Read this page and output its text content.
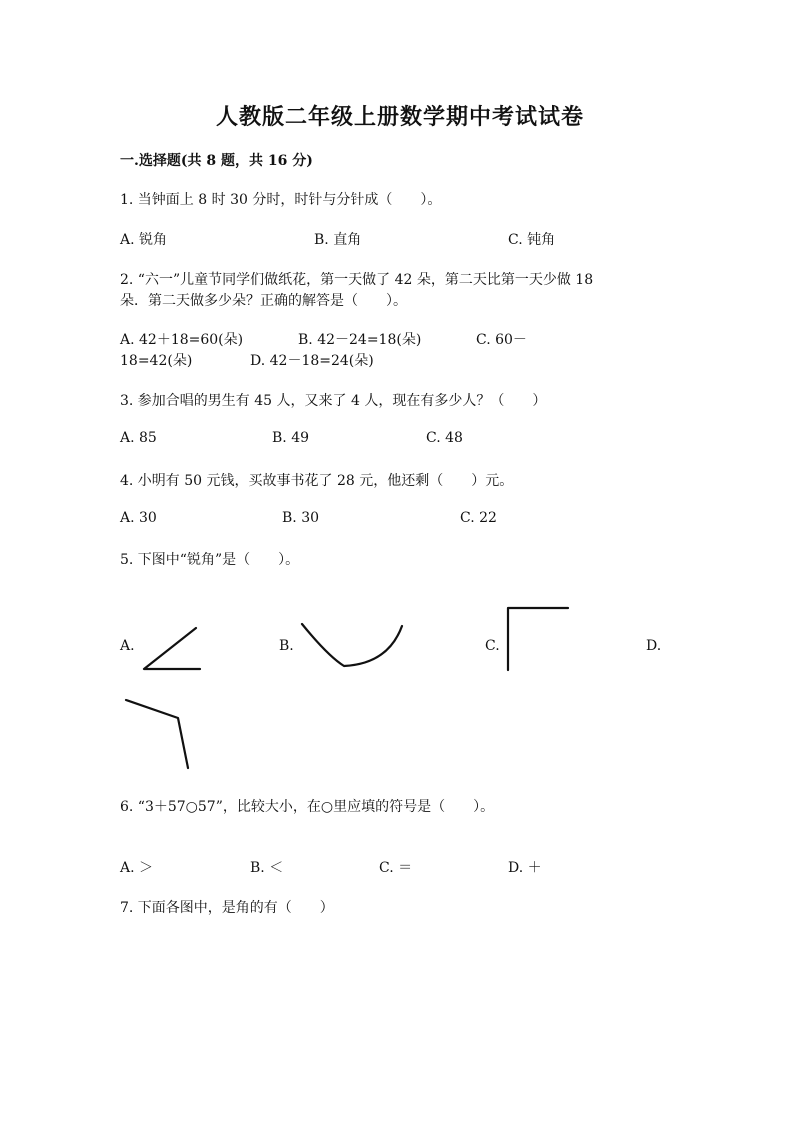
人教版二年级上册数学期中考试试卷
一.选择题(共 8 题，共 16 分)
1. 当钟面上 8 时 30 分时，时针与分针成（　　）。
A. 锐角	B. 直角	C. 钝角
2. “六一”儿童节同学们做纸花，第一天做了 42 朵，第二天比第一天少做 18
朵．第二天做多少朵？正确的解答是（　　）。
A. 42＋18=60(朵)	B. 42－24=18(朵)	C. 60－
18=42(朵)	D. 42－18=24(朵)
3. 参加合唱的男生有 45 人，又来了 4 人，现在有多少人？（　　）
A. 85	B. 49	C. 48
4. 小明有 50 元钱，买故事书花了 28 元，他还剩（　　）元。
A. 30	B. 30	C. 22
5. 下图中“锐角”是（　　）。
A.	B.	C.	D.
6. “3＋57○57”，比较大小，在○里应填的符号是（　　）。
A. ＞	B. ＜	C. ＝	D. ＋
7. 下面各图中，是角的有（　　）
